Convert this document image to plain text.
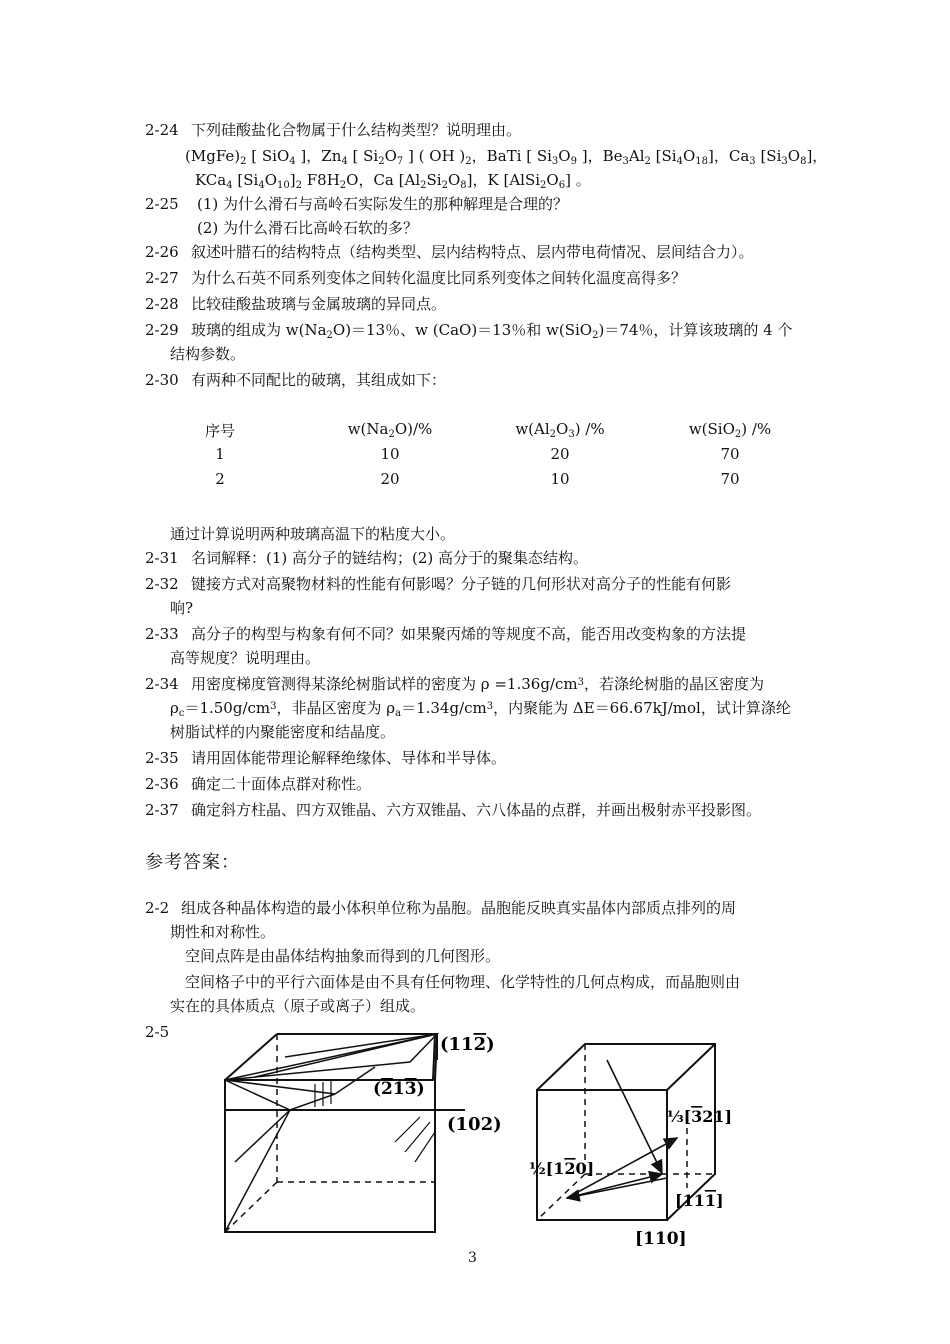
2-24 下列硅酸盐化合物属于什么结构类型？说明理由。
$(MgFe)_2$ [ SiO$_4$ ]，$Zn_4$ [ $Si_2O_7$ ] ( OH )$_2$，BaTi [ $Si_3O_9$ ]，$Be_3Al_2$ $[Si_4O_{18}]$，$Ca_3$ $[Si_3O_8]$，
KCa$_4$ $[Si_4O_{10}]_2$ $F8H_2O$，Ca $[Al_2Si_2O_8]$，K $[AlSi_2O_6]$ 。
2-25 (1) 为什么滑石与高岭石实际发生的那种解理是合理的？
(2) 为什么滑石比高岭石软的多？
2-26 叙述叶腊石的结构特点（结构类型、层内结构特点、层内带电荷情况、层间结合力）。
2-27 为什么石英不同系列变体之间转化温度比同系列变体之间转化温度高得多？
2-28 比较硅酸盐玻璃与金属玻璃的异同点。
2-29 玻璃的组成为 $w(Na_2O)=13$％、w (CaO)＝13％和 w(SiO$_2$)＝74％，计算该玻璃的 4 个
结构参数。
2-30 有两种不同配比的破璃，其组成如下：
序号	$w(Na_2O)/\%$	$w(Al_2O_3)$ /%	w(SiO$_2$) /%
1	10	20	70
2	20	10	70
通过计算说明两种玻璃高温下的粘度大小。
2-31 名词解释：(1) 高分子的链结构；(2) 高分于的聚集态结构。
2-32 键接方式对高聚物材料的性能有何影喝？分子链的几何形状对高分子的性能有何影
响?
2-33 高分子的构型与构象有何不同？如果聚丙烯的等规度不高，能否用改变构象的方法提
高等规度？说明理由。
2-34 用密度梯度管测得某涤纶树脂试样的密度为 $\rho =1.36g/cm^3$，若涤纶树脂的晶区密度为
$\rho_c=1.50g/cm^3$，非晶区密度为 $\rho_a=1.34g/cm^3$，内聚能为 ΔE＝66.67kJ/mol，试计算涤纶
树脂试样的内聚能密度和结晶度。
2-35 请用固体能带理论解释绝缘体、导体和半导体。
2-36 确定二十面体点群对称性。
2-37 确定斜方柱晶、四方双锥晶、六方双锥晶、六八体晶的点群，并画出极射赤平投影图。
参考答案：
2-2 组成各种晶体构造的最小体积单位称为晶胞。晶胞能反映真实晶体内部质点排列的周
期性和对称性。
空间点阵是由晶体结构抽象而得到的几何图形。
空间格子中的平行六面体是由不具有任何物理、化学特性的几何点构成，而晶胞则由
实在的具体质点（原子或离子）组成。
2-5
(112)
(213)
(102)	⅓[321]
½[120]
[111]
[110]
3
